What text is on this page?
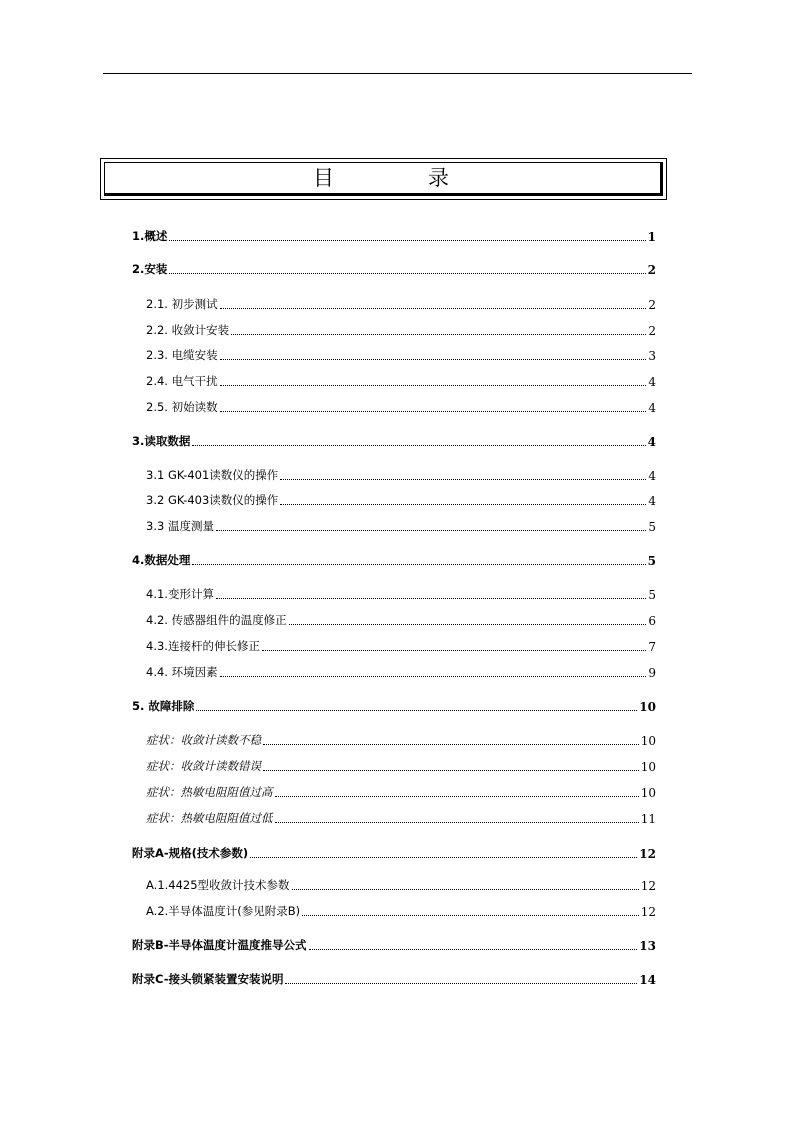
目	录
1.概述	1
2.安装	2
2.1. 初步测试	2
2.2. 收敛计安装	2
2.3. 电缆安装	3
2.4. 电气干扰	4
2.5. 初始读数	4
3.读取数据	4
3.1 GK-401读数仪的操作	4
3.2 GK-403读数仪的操作	4
3.3 温度测量	5
4.数据处理	5
4.1.变形计算	5
4.2. 传感器组件的温度修正	6
4.3.连接杆的伸长修正	7
4.4. 环境因素	9
5. 故障排除	10
症状：收敛计读数不稳	10
症状：收敛计读数错误	10
症状：热敏电阻阻值过高	10
症状：热敏电阻阻值过低	11
附录A-规格(技术参数)	12
A.1.4425型收敛计技术参数	12
A.2.半导体温度计(参见附录B)	12
附录B-半导体温度计温度推导公式	13
附录C-接头锁紧装置安装说明	14
